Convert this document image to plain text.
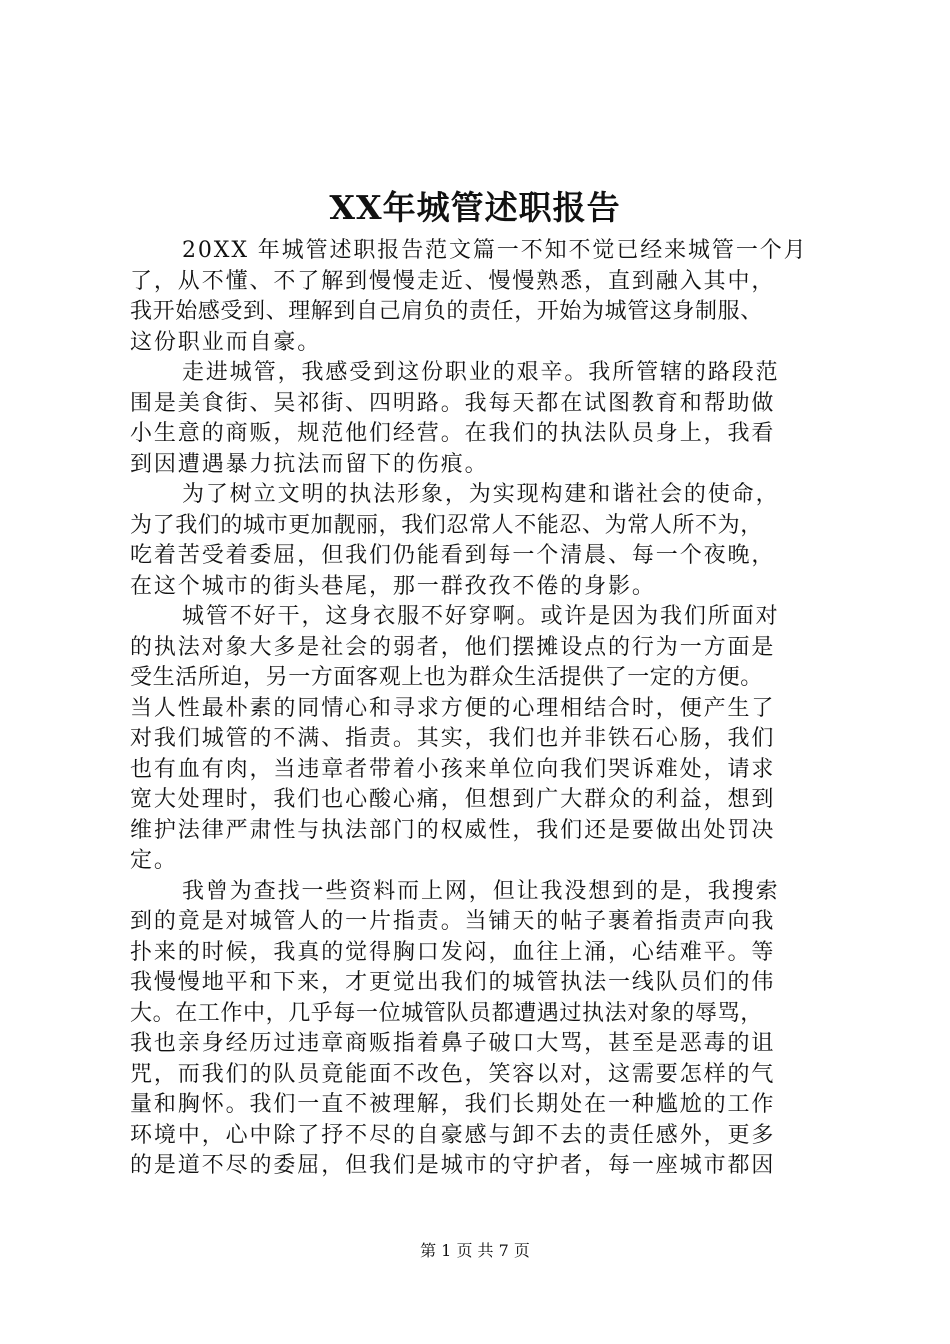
XX年城管述职报告
20XX 年城管述职报告范文篇一不知不觉已经来城管一个月
了，从不懂、不了解到慢慢走近、慢慢熟悉，直到融入其中，
我开始感受到、理解到自己肩负的责任，开始为城管这身制服、
这份职业而自豪。
走进城管，我感受到这份职业的艰辛。我所管辖的路段范
围是美食街、吴祁街、四明路。我每天都在试图教育和帮助做
小生意的商贩，规范他们经营。在我们的执法队员身上，我看
到因遭遇暴力抗法而留下的伤痕。
为了树立文明的执法形象，为实现构建和谐社会的使命，
为了我们的城市更加靓丽，我们忍常人不能忍、为常人所不为，
吃着苦受着委屈，但我们仍能看到每一个清晨、每一个夜晚，
在这个城市的街头巷尾，那一群孜孜不倦的身影。
城管不好干，这身衣服不好穿啊。或许是因为我们所面对
的执法对象大多是社会的弱者，他们摆摊设点的行为一方面是
受生活所迫，另一方面客观上也为群众生活提供了一定的方便。
当人性最朴素的同情心和寻求方便的心理相结合时，便产生了
对我们城管的不满、指责。其实，我们也并非铁石心肠，我们
也有血有肉，当违章者带着小孩来单位向我们哭诉难处，请求
宽大处理时，我们也心酸心痛，但想到广大群众的利益，想到
维护法律严肃性与执法部门的权威性，我们还是要做出处罚决
定。
我曾为查找一些资料而上网，但让我没想到的是，我搜索
到的竟是对城管人的一片指责。当铺天的帖子裹着指责声向我
扑来的时候，我真的觉得胸口发闷，血往上涌，心结难平。等
我慢慢地平和下来，才更觉出我们的城管执法一线队员们的伟
大。在工作中，几乎每一位城管队员都遭遇过执法对象的辱骂，
我也亲身经历过违章商贩指着鼻子破口大骂，甚至是恶毒的诅
咒，而我们的队员竟能面不改色，笑容以对，这需要怎样的气
量和胸怀。我们一直不被理解，我们长期处在一种尴尬的工作
环境中，心中除了抒不尽的自豪感与卸不去的责任感外，更多
的是道不尽的委屈，但我们是城市的守护者，每一座城市都因
第 1 页 共 7 页
